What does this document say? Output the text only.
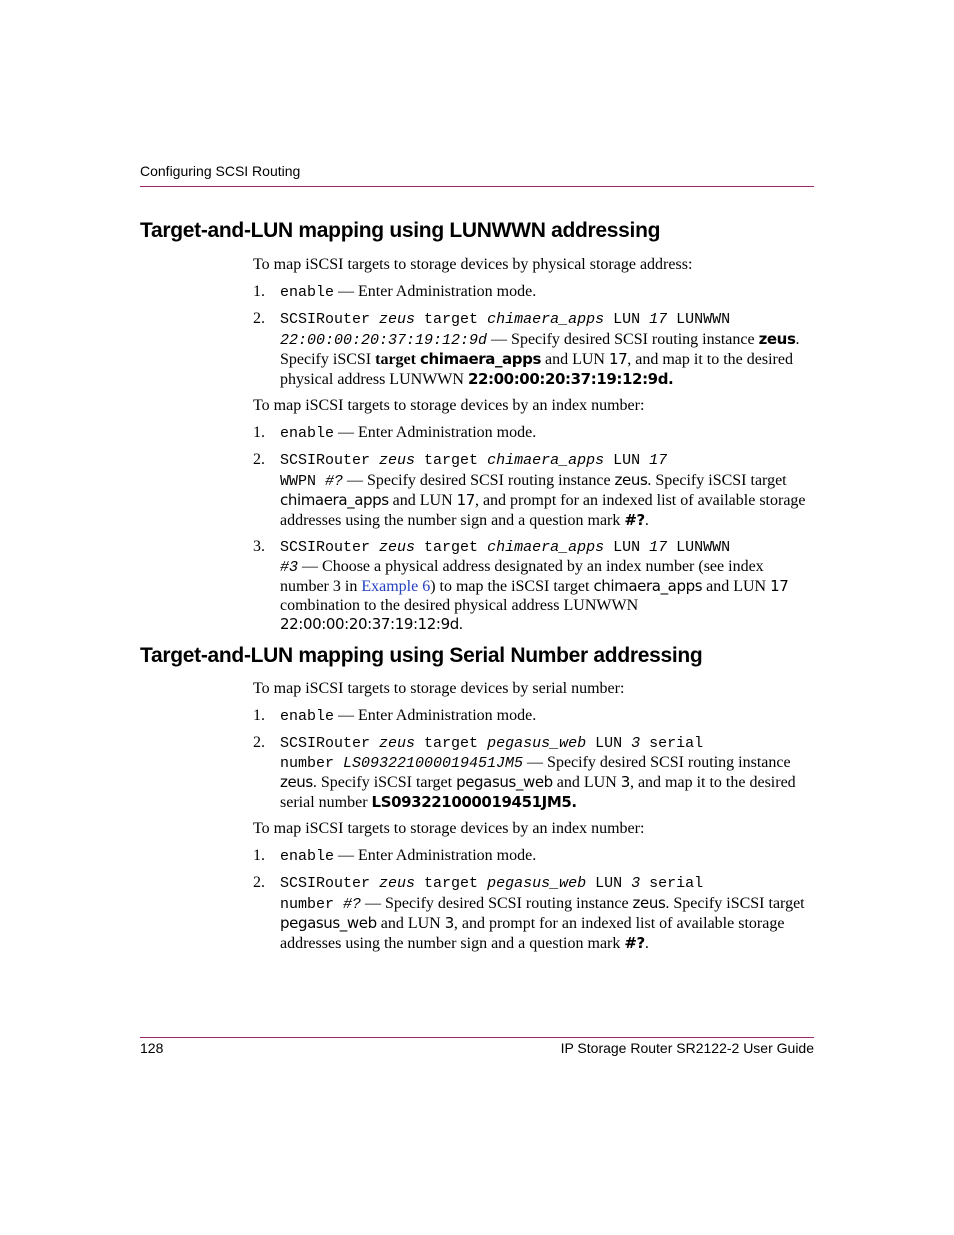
Configuring SCSI Routing
Target-and-LUN mapping using LUNWWN addressing

To map iSCSI targets to storage devices by physical storage address:

1. enable — Enter Administration mode.
2. SCSIRouter zeus target chimaera_apps LUN 17 LUNWWN
22:00:00:20:37:19:12:9d — Specify desired SCSI routing instance zeus. Specify iSCSI target chimaera_apps and LUN 17, and map it to the desired physical address LUNWWN 22:00:00:20:37:19:12:9d.

To map iSCSI targets to storage devices by an index number:

1. enable — Enter Administration mode.
2. SCSIRouter zeus target chimaera_apps LUN 17
WWPN #? — Specify desired SCSI routing instance zeus. Specify iSCSI target chimaera_apps and LUN 17, and prompt for an indexed list of available storage addresses using the number sign and a question mark #?.
3. SCSIRouter zeus target chimaera_apps LUN 17 LUNWWN
#3 — Choose a physical address designated by an index number (see index number 3 in Example 6) to map the iSCSI target chimaera_apps and LUN 17 combination to the desired physical address LUNWWN 22:00:00:20:37:19:12:9d.
Target-and-LUN mapping using Serial Number addressing

To map iSCSI targets to storage devices by serial number:

1. enable — Enter Administration mode.
2. SCSIRouter zeus target pegasus_web LUN 3 serial
number LS093221000019451JM5 — Specify desired SCSI routing instance zeus. Specify iSCSI target pegasus_web and LUN 3, and map it to the desired serial number LS093221000019451JM5.

To map iSCSI targets to storage devices by an index number:

1. enable — Enter Administration mode.
2. SCSIRouter zeus target pegasus_web LUN 3 serial
number #? — Specify desired SCSI routing instance zeus. Specify iSCSI target pegasus_web and LUN 3, and prompt for an indexed list of available storage addresses using the number sign and a question mark #?.
128	IP Storage Router SR2122-2 User Guide
